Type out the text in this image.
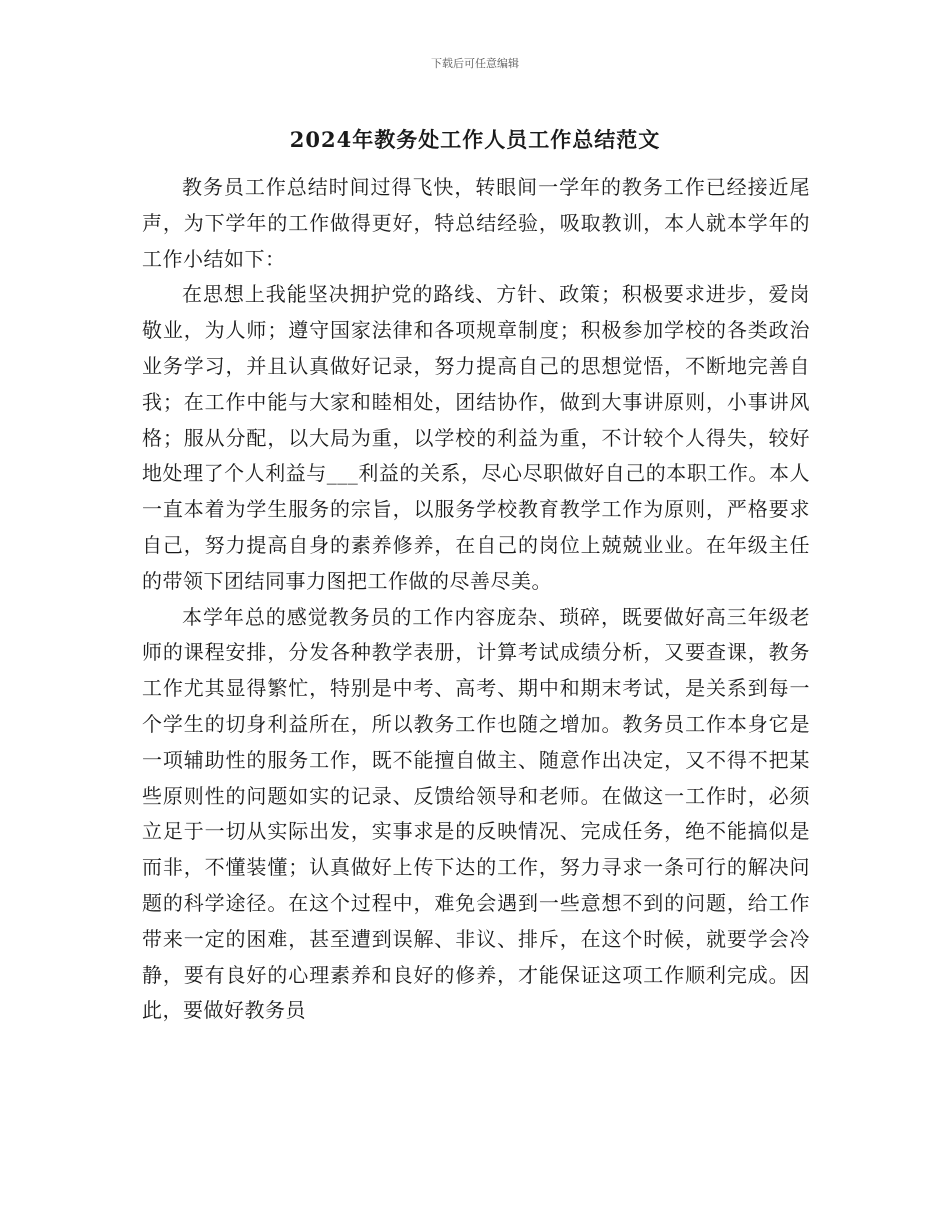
下载后可任意编辑
2024年教务处工作人员工作总结范文

教务员工作总结时间过得飞快，转眼间一学年的教务工作已经接近尾声，为下学年的工作做得更好，特总结经验，吸取教训，本人就本学年的工作小结如下：

在思想上我能坚决拥护党的路线、方针、政策；积极要求进步，爱岗敬业，为人师；遵守国家法律和各项规章制度；积极参加学校的各类政治业务学习，并且认真做好记录，努力提高自己的思想觉悟，不断地完善自我；在工作中能与大家和睦相处，团结协作，做到大事讲原则，小事讲风格；服从分配，以大局为重，以学校的利益为重，不计较个人得失，较好地处理了个人利益与___利益的关系，尽心尽职做好自己的本职工作。本人一直本着为学生服务的宗旨，以服务学校教育教学工作为原则，严格要求自己，努力提高自身的素养修养，在自己的岗位上兢兢业业。在年级主任的带领下团结同事力图把工作做的尽善尽美。

本学年总的感觉教务员的工作内容庞杂、琐碎，既要做好高三年级老师的课程安排，分发各种教学表册，计算考试成绩分析，又要查课，教务工作尤其显得繁忙，特别是中考、高考、期中和期末考试，是关系到每一个学生的切身利益所在，所以教务工作也随之增加。教务员工作本身它是一项辅助性的服务工作，既不能擅自做主、随意作出决定，又不得不把某些原则性的问题如实的记录、反馈给领导和老师。在做这一工作时，必须立足于一切从实际出发，实事求是的反映情况、完成任务，绝不能搞似是而非，不懂装懂；认真做好上传下达的工作，努力寻求一条可行的解决问题的科学途径。在这个过程中，难免会遇到一些意想不到的问题，给工作带来一定的困难，甚至遭到误解、非议、排斥，在这个时候，就要学会冷静，要有良好的心理素养和良好的修养，才能保证这项工作顺利完成。因此，要做好教务员
